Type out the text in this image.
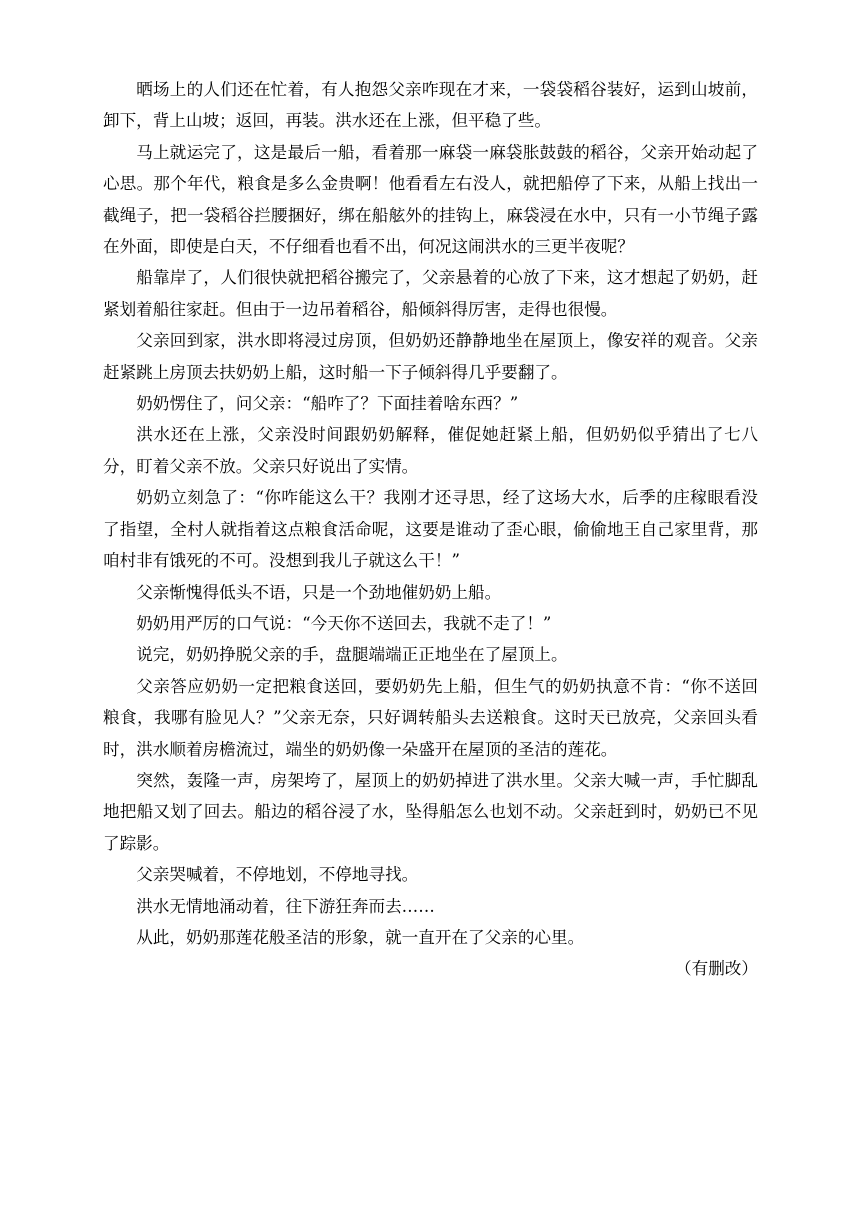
晒场上的人们还在忙着，有人抱怨父亲咋现在才来，一袋袋稻谷装好，运到山坡前，卸下，背上山坡；返回，再装。洪水还在上涨，但平稳了些。

马上就运完了，这是最后一船，看着那一麻袋一麻袋胀鼓鼓的稻谷，父亲开始动起了心思。那个年代，粮食是多么金贵啊！他看看左右没人，就把船停了下来，从船上找出一截绳子，把一袋稻谷拦腰捆好，绑在船舷外的挂钩上，麻袋浸在水中，只有一小节绳子露在外面，即使是白天，不仔细看也看不出，何况这闹洪水的三更半夜呢？

船靠岸了，人们很快就把稻谷搬完了，父亲悬着的心放了下来，这才想起了奶奶，赶紧划着船往家赶。但由于一边吊着稻谷，船倾斜得厉害，走得也很慢。

父亲回到家，洪水即将浸过房顶，但奶奶还静静地坐在屋顶上，像安祥的观音。父亲赶紧跳上房顶去扶奶奶上船，这时船一下子倾斜得几乎要翻了。

奶奶愣住了，问父亲：“船咋了？下面挂着啥东西？”

洪水还在上涨，父亲没时间跟奶奶解释，催促她赶紧上船，但奶奶似乎猜出了七八分，盯着父亲不放。父亲只好说出了实情。

奶奶立刻急了：“你咋能这么干？我刚才还寻思，经了这场大水，后季的庄稼眼看没了指望，全村人就指着这点粮食活命呢，这要是谁动了歪心眼，偷偷地王自己家里背，那咱村非有饿死的不可。没想到我儿子就这么干！”

父亲惭愧得低头不语，只是一个劲地催奶奶上船。

奶奶用严厉的口气说：“今天你不送回去，我就不走了！”

说完，奶奶挣脱父亲的手，盘腿端端正正地坐在了屋顶上。

父亲答应奶奶一定把粮食送回，要奶奶先上船，但生气的奶奶执意不肯：“你不送回粮食，我哪有脸见人？”父亲无奈，只好调转船头去送粮食。这时天已放亮，父亲回头看时，洪水顺着房檐流过，端坐的奶奶像一朵盛开在屋顶的圣洁的莲花。

突然，轰隆一声，房架垮了，屋顶上的奶奶掉进了洪水里。父亲大喊一声，手忙脚乱地把船又划了回去。船边的稻谷浸了水，坠得船怎么也划不动。父亲赶到时，奶奶已不见了踪影。

父亲哭喊着，不停地划，不停地寻找。

洪水无情地涌动着，往下游狂奔而去……

从此，奶奶那莲花般圣洁的形象，就一直开在了父亲的心里。

（有删改）
